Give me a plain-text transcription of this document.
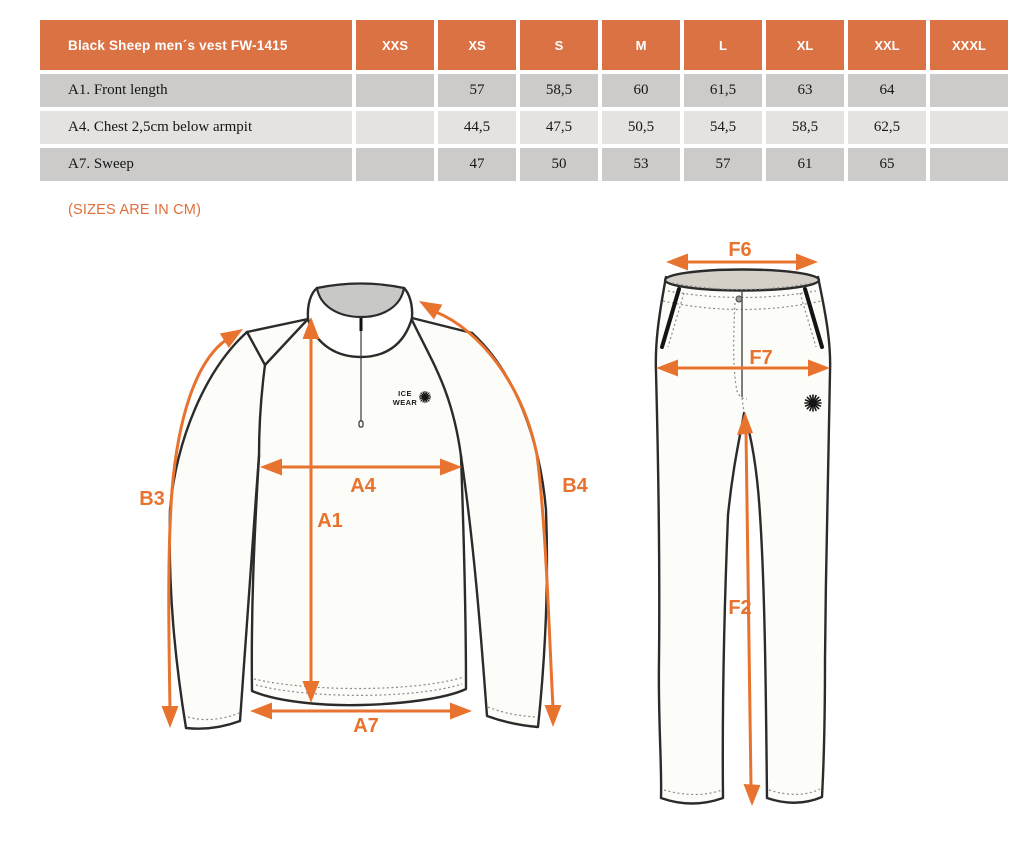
Black Sheep men´s vest FW-1415	XXS	XS	S	M	L	XL	XXL	XXXL
A1. Front length		57	58,5	60	61,5	63	64	
A4. Chest 2,5cm below armpit		44,5	47,5	50,5	54,5	58,5	62,5	
A7. Sweep		47	50	53	57	61	65	
(SIZES ARE IN CM)
ICE
WEAR
B3
B4
A1
A4
A7
F6
F7
F2
